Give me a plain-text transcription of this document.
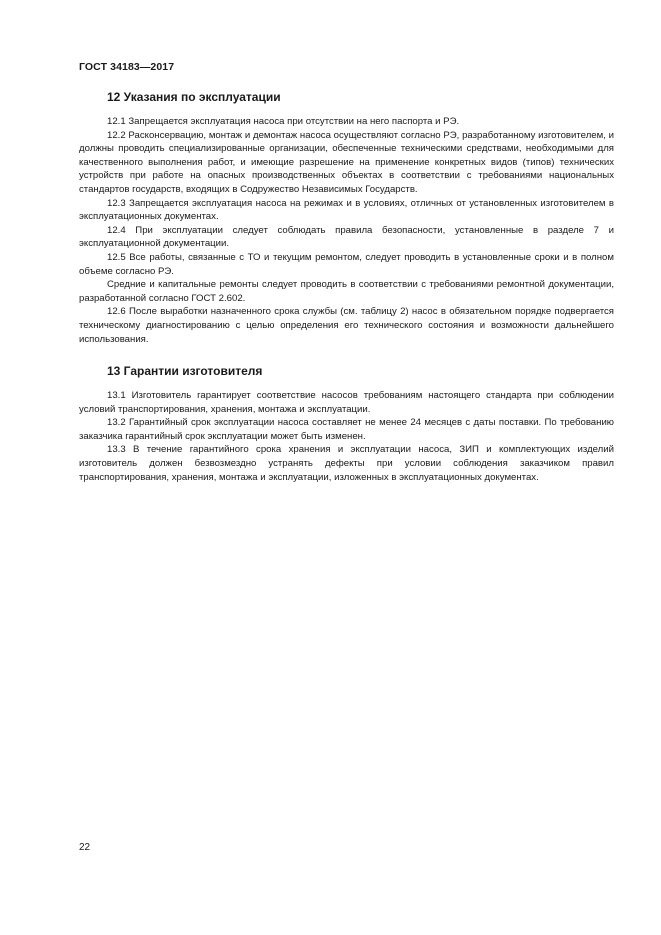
ГОСТ 34183—2017
12 Указания по эксплуатации

12.1 Запрещается эксплуатация насоса при отсутствии на него паспорта и РЭ.

12.2 Расконсервацию, монтаж и демонтаж насоса осуществляют согласно РЭ, разработанному изготовителем, и должны проводить специализированные организации, обеспеченные техническими средствами, необходимыми для качественного выполнения работ, и имеющие разрешение на применение конкретных видов (типов) технических устройств при работе на опасных производственных объектах в соответствии с требованиями национальных стандартов государств, входящих в Содружество Независимых Государств.

12.3 Запрещается эксплуатация насоса на режимах и в условиях, отличных от установленных изготовителем в эксплуатационных документах.

12.4 При эксплуатации следует соблюдать правила безопасности, установленные в разделе 7 и эксплуатационной документации.

12.5 Все работы, связанные с ТО и текущим ремонтом, следует проводить в установленные сроки и в полном объеме согласно РЭ.

Средние и капитальные ремонты следует проводить в соответствии с требованиями ремонтной документации, разработанной согласно ГОСТ 2.602.

12.6 После выработки назначенного срока службы (см. таблицу 2) насос в обязательном порядке подвергается техническому диагностированию с целью определения его технического состояния и возможности дальнейшего использования.

13 Гарантии изготовителя

13.1 Изготовитель гарантирует соответствие насосов требованиям настоящего стандарта при соблюдении условий транспортирования, хранения, монтажа и эксплуатации.

13.2 Гарантийный срок эксплуатации насоса составляет не менее 24 месяцев с даты поставки. По требованию заказчика гарантийный срок эксплуатации может быть изменен.

13.3 В течение гарантийного срока хранения и эксплуатации насоса, ЗИП и комплектующих изделий изготовитель должен безвозмездно устранять дефекты при условии соблюдения заказчиком правил транспортирования, хранения, монтажа и эксплуатации, изложенных в эксплуатационных документах.

22
